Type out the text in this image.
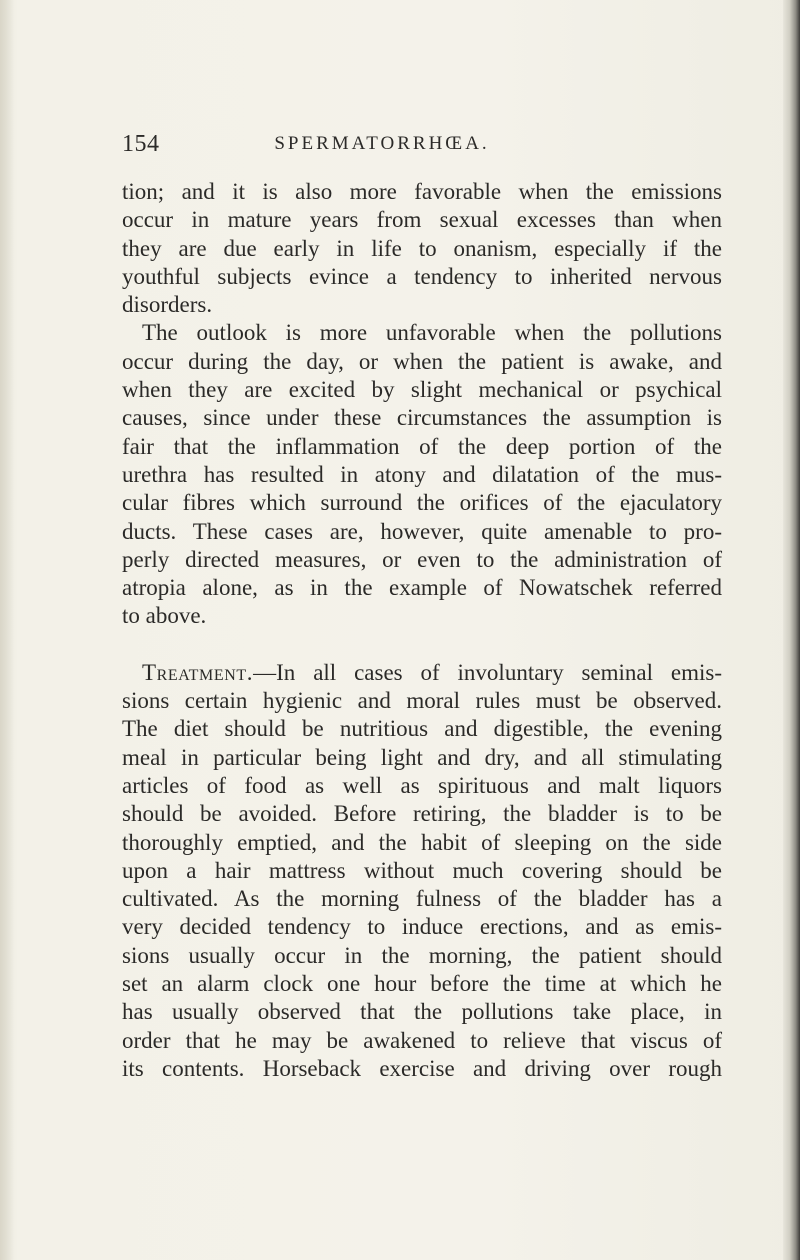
154	SPERMATORRHŒA.
tion; and it is also more favorable when the emissions
occur in mature years from sexual excesses than when
they are due early in life to onanism, especially if the
youthful subjects evince a tendency to inherited nervous
disorders.
The outlook is more unfavorable when the pollutions
occur during the day, or when the patient is awake, and
when they are excited by slight mechanical or psychical
causes, since under these circumstances the assumption is
fair that the inflammation of the deep portion of the
urethra has resulted in atony and dilatation of the mus-
cular fibres which surround the orifices of the ejaculatory
ducts. These cases are, however, quite amenable to pro-
perly directed measures, or even to the administration of
atropia alone, as in the example of Nowatschek referred
to above.
Treatment.—In all cases of involuntary seminal emis-
sions certain hygienic and moral rules must be observed.
The diet should be nutritious and digestible, the evening
meal in particular being light and dry, and all stimulating
articles of food as well as spirituous and malt liquors
should be avoided. Before retiring, the bladder is to be
thoroughly emptied, and the habit of sleeping on the side
upon a hair mattress without much covering should be
cultivated. As the morning fulness of the bladder has a
very decided tendency to induce erections, and as emis-
sions usually occur in the morning, the patient should
set an alarm clock one hour before the time at which he
has usually observed that the pollutions take place, in
order that he may be awakened to relieve that viscus of
its contents. Horseback exercise and driving over rough
